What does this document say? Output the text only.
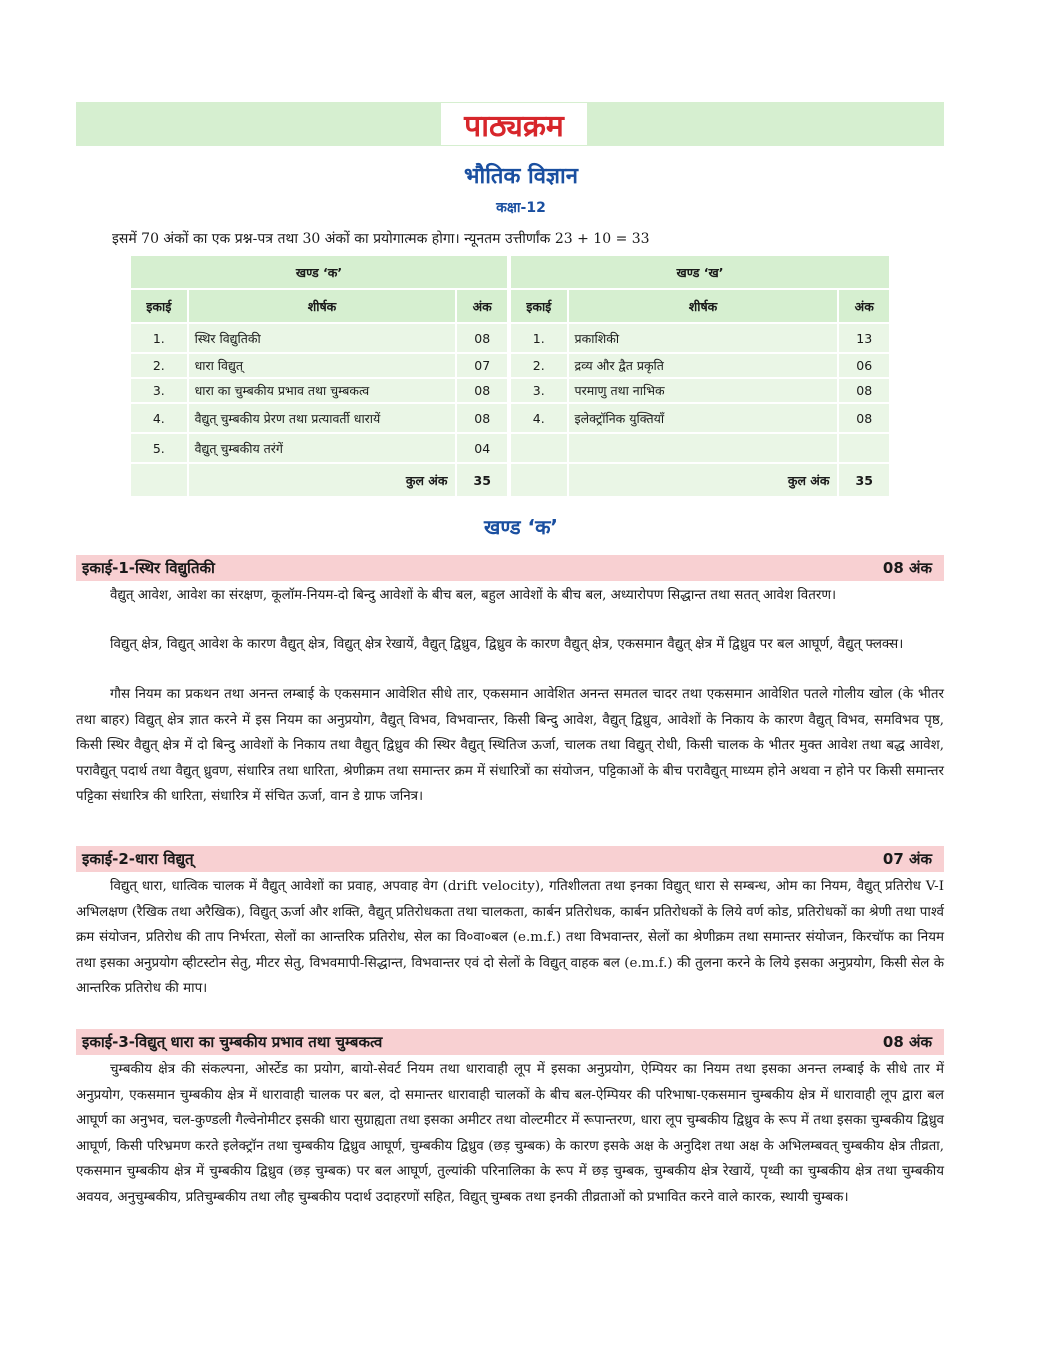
पाठ्यक्रम
भौतिक विज्ञान
कक्षा-12
इसमें 70 अंकों का एक प्रश्न-पत्र तथा 30 अंकों का प्रयोगात्मक होगा। न्यूनतम उत्तीर्णांक 23 + 10 = 33
खण्ड ‘क’		
इकाई	शीर्षक	अंक
1.	स्थिर विद्युतिकी	08
2.	धारा विद्युत्	07
3.	धारा का चुम्बकीय प्रभाव तथा चुम्बकत्व	08
4.	वैद्युत् चुम्बकीय प्रेरण तथा प्रत्यावर्ती धारायें	08
5.	वैद्युत् चुम्बकीय तरंगें	04
	कुल अंक	35
खण्ड ‘ख’		
इकाई	शीर्षक	अंक
1.	प्रकाशिकी	13
2.	द्रव्य और द्वैत प्रकृति	06
3.	परमाणु तथा नाभिक	08
4.	इलेक्ट्रॉनिक युक्तियाँ	08

	कुल अंक	35
खण्ड ‘क’
इकाई-1-स्थिर विद्युतिकी	08 अंक
वैद्युत् आवेश, आवेश का संरक्षण, कूलॉम-नियम-दो बिन्दु आवेशों के बीच बल, बहुल आवेशों के बीच बल, अध्यारोपण सिद्धान्त तथा सतत् आवेश वितरण।
विद्युत् क्षेत्र, विद्युत् आवेश के कारण वैद्युत् क्षेत्र, विद्युत् क्षेत्र रेखायें, वैद्युत् द्विध्रुव, द्विध्रुव के कारण वैद्युत् क्षेत्र, एकसमान वैद्युत् क्षेत्र में द्विध्रुव पर बल आघूर्ण, वैद्युत् फ्लक्स।
गौस नियम का प्रकथन तथा अनन्त लम्बाई के एकसमान आवेशित सीधे तार, एकसमान आवेशित अनन्त समतल चादर तथा एकसमान आवेशित पतले गोलीय खोल (के भीतर तथा बाहर) विद्युत् क्षेत्र ज्ञात करने में इस नियम का अनुप्रयोग, वैद्युत् विभव, विभवान्तर, किसी बिन्दु आवेश, वैद्युत् द्विध्रुव, आवेशों के निकाय के कारण वैद्युत् विभव, समविभव पृष्ठ, किसी स्थिर वैद्युत् क्षेत्र में दो बिन्दु आवेशों के निकाय तथा वैद्युत् द्विध्रुव की स्थिर वैद्युत् स्थितिज ऊर्जा, चालक तथा विद्युत् रोधी, किसी चालक के भीतर मुक्त आवेश तथा बद्ध आवेश, परावैद्युत् पदार्थ तथा वैद्युत् ध्रुवण, संधारित्र तथा धारिता, श्रेणीक्रम तथा समान्तर क्रम में संधारित्रों का संयोजन, पट्टिकाओं के बीच परावैद्युत् माध्यम होने अथवा न होने पर किसी समान्तर पट्टिका संधारित्र की धारिता, संधारित्र में संचित ऊर्जा, वान डे ग्राफ जनित्र।
इकाई-2-धारा विद्युत्	07 अंक
विद्युत् धारा, धात्विक चालक में वैद्युत् आवेशों का प्रवाह, अपवाह वेग (drift velocity), गतिशीलता तथा इनका विद्युत् धारा से सम्बन्ध, ओम का नियम, वैद्युत् प्रतिरोध V-I अभिलक्षण (रैखिक तथा अरैखिक), विद्युत् ऊर्जा और शक्ति, वैद्युत् प्रतिरोधकता तथा चालकता, कार्बन प्रतिरोधक, कार्बन प्रतिरोधकों के लिये वर्ण कोड, प्रतिरोधकों का श्रेणी तथा पार्श्व क्रम संयोजन, प्रतिरोध की ताप निर्भरता, सेलों का आन्तरिक प्रतिरोध, सेल का वि०वा०बल (e.m.f.) तथा विभवान्तर, सेलों का श्रेणीक्रम तथा समान्तर संयोजन, किरचॉफ का नियम तथा इसका अनुप्रयोग व्हीटस्टोन सेतु, मीटर सेतु, विभवमापी-सिद्धान्त, विभवान्तर एवं दो सेलों के विद्युत् वाहक बल (e.m.f.) की तुलना करने के लिये इसका अनुप्रयोग, किसी सेल के आन्तरिक प्रतिरोध की माप।
इकाई-3-विद्युत् धारा का चुम्बकीय प्रभाव तथा चुम्बकत्व	08 अंक
चुम्बकीय क्षेत्र की संकल्पना, ओर्स्टेड का प्रयोग, बायो-सेवर्ट नियम तथा धारावाही लूप में इसका अनुप्रयोग, ऐम्पियर का नियम तथा इसका अनन्त लम्बाई के सीधे तार में अनुप्रयोग, एकसमान चुम्बकीय क्षेत्र में धारावाही चालक पर बल, दो समान्तर धारावाही चालकों के बीच बल-ऐम्पियर की परिभाषा-एकसमान चुम्बकीय क्षेत्र में धारावाही लूप द्वारा बल आघूर्ण का अनुभव, चल-कुण्डली गैल्वेनोमीटर इसकी धारा सुग्राह्यता तथा इसका अमीटर तथा वोल्टमीटर में रूपान्तरण, धारा लूप चुम्बकीय द्विध्रुव के रूप में तथा इसका चुम्बकीय द्विध्रुव आघूर्ण, किसी परिभ्रमण करते इलेक्ट्रॉन तथा चुम्बकीय द्विध्रुव आघूर्ण, चुम्बकीय द्विध्रुव (छड़ चुम्बक) के कारण इसके अक्ष के अनुदिश तथा अक्ष के अभिलम्बवत् चुम्बकीय क्षेत्र तीव्रता, एकसमान चुम्बकीय क्षेत्र में चुम्बकीय द्विध्रुव (छड़ चुम्बक) पर बल आघूर्ण, तुल्यांकी परिनालिका के रूप में छड़ चुम्बक, चुम्बकीय क्षेत्र रेखायें, पृथ्वी का चुम्बकीय क्षेत्र तथा चुम्बकीय अवयव, अनुचुम्बकीय, प्रतिचुम्बकीय तथा लौह चुम्बकीय पदार्थ उदाहरणों सहित, विद्युत् चुम्बक तथा इनकी तीव्रताओं को प्रभावित करने वाले कारक, स्थायी चुम्बक।
